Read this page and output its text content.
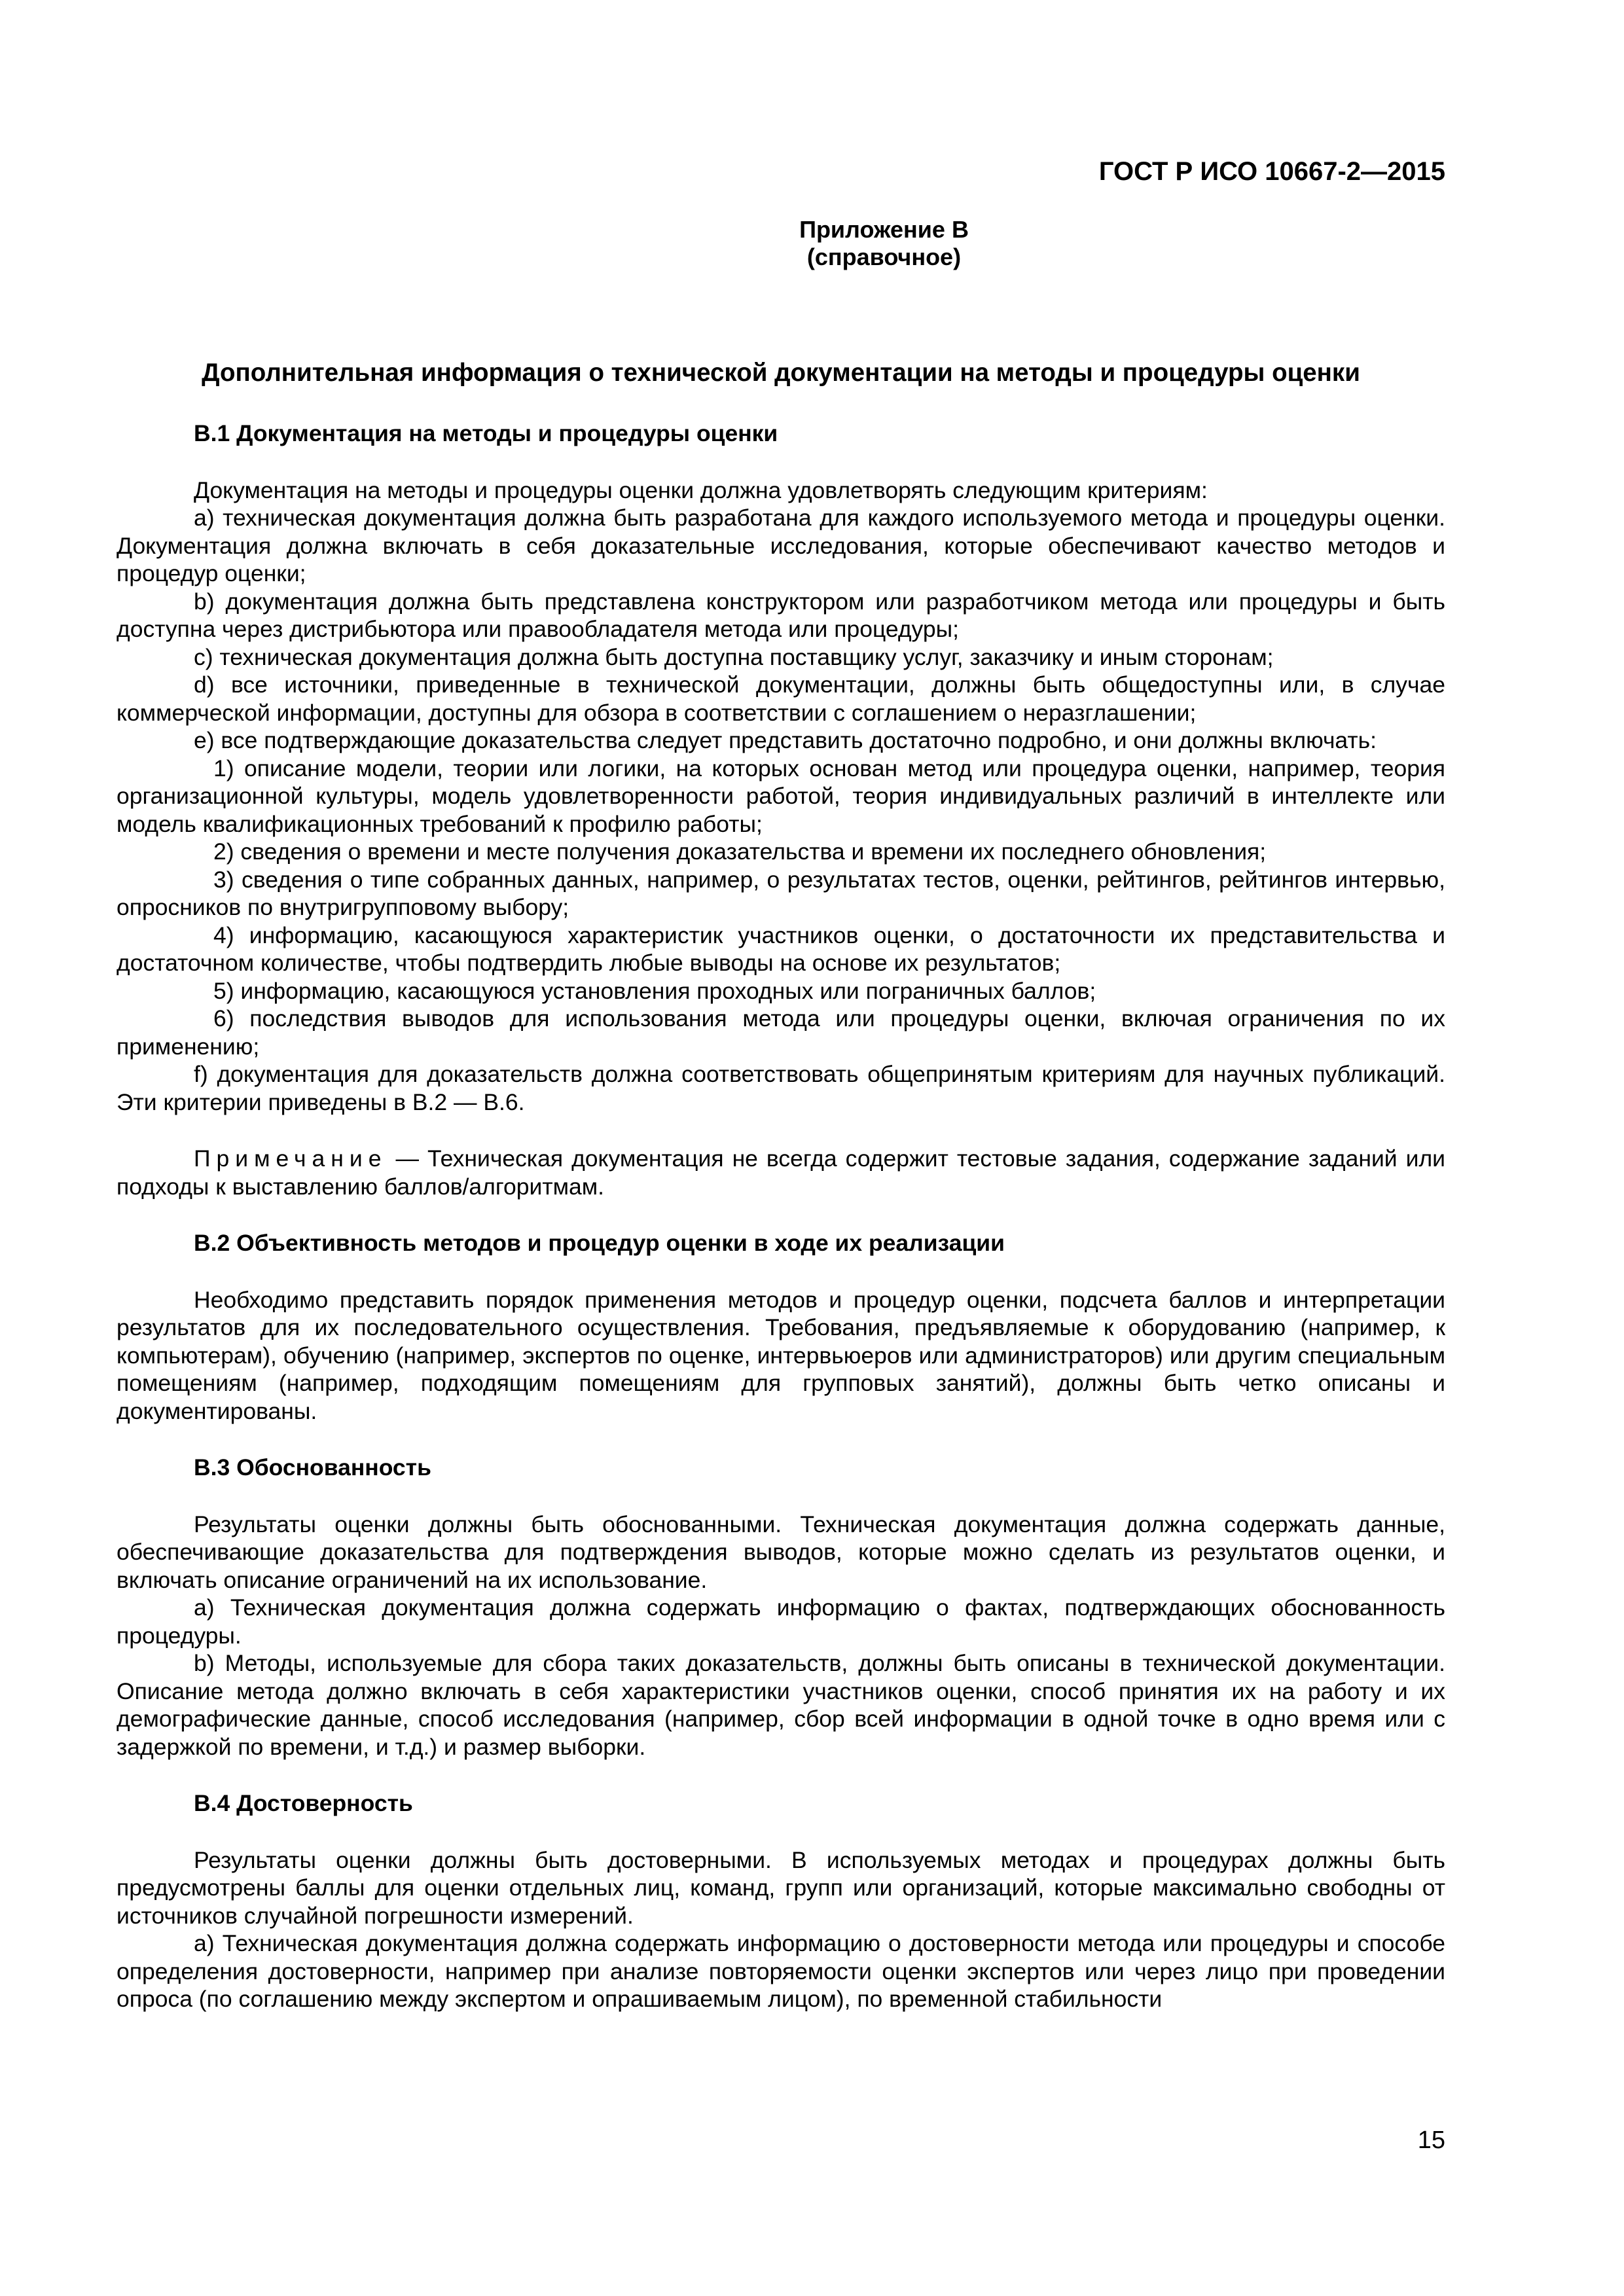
ГОСТ Р ИСО 10667-2—2015
Приложение В
(справочное)
Дополнительная информация о технической документации на методы и процедуры оценки

В.1 Документация на методы и процедуры оценки

Документация на методы и процедуры оценки должна удовлетворять следующим критериям:

a) техническая документация должна быть разработана для каждого используемого метода и процедуры оценки. Документация должна включать в себя доказательные исследования, которые обеспечивают качество методов и процедур оценки;

b) документация должна быть представлена конструктором или разработчиком метода или процедуры и быть доступна через дистрибьютора или правообладателя метода или процедуры;

c) техническая документация должна быть доступна поставщику услуг, заказчику и иным сторонам;

d) все источники, приведенные в технической документации, должны быть общедоступны или, в случае коммерческой информации, доступны для обзора в соответствии с соглашением о неразглашении;

e) все подтверждающие доказательства следует представить достаточно подробно, и они должны включать:

1) описание модели, теории или логики, на которых основан метод или процедура оценки, например, теория организационной культуры, модель удовлетворенности работой, теория индивидуальных различий в интеллекте или модель квалификационных требований к профилю работы;

2) сведения о времени и месте получения доказательства и времени их последнего обновления;

3) сведения о типе собранных данных, например, о результатах тестов, оценки, рейтингов, рейтингов интервью, опросников по внутригрупповому выбору;

4) информацию, касающуюся характеристик участников оценки, о достаточности их представительства и достаточном количестве, чтобы подтвердить любые выводы на основе их результатов;

5) информацию, касающуюся установления проходных или пограничных баллов;

6) последствия выводов для использования метода или процедуры оценки, включая ограничения по их применению;

f) документация для доказательств должна соответствовать общепринятым критериям для научных публикаций. Эти критерии приведены в В.2 — В.6.

Примечание — Техническая документация не всегда содержит тестовые задания, содержание заданий или подходы к выставлению баллов/алгоритмам.

В.2 Объективность методов и процедур оценки в ходе их реализации

Необходимо представить порядок применения методов и процедур оценки, подсчета баллов и интерпретации результатов для их последовательного осуществления. Требования, предъявляемые к оборудованию (например, к компьютерам), обучению (например, экспертов по оценке, интервьюеров или администраторов) или другим специальным помещениям (например, подходящим помещениям для групповых занятий), должны быть четко описаны и документированы.

В.3 Обоснованность

Результаты оценки должны быть обоснованными. Техническая документация должна содержать данные, обеспечивающие доказательства для подтверждения выводов, которые можно сделать из результатов оценки, и включать описание ограничений на их использование.

a) Техническая документация должна содержать информацию о фактах, подтверждающих обоснованность процедуры.

b) Методы, используемые для сбора таких доказательств, должны быть описаны в технической документации. Описание метода должно включать в себя характеристики участников оценки, способ принятия их на работу и их демографические данные, способ исследования (например, сбор всей информации в одной точке в одно время или с задержкой по времени, и т.д.) и размер выборки.

В.4 Достоверность

Результаты оценки должны быть достоверными. В используемых методах и процедурах должны быть предусмотрены баллы для оценки отдельных лиц, команд, групп или организаций, которые максимально свободны от источников случайной погрешности измерений.

a) Техническая документация должна содержать информацию о достоверности метода или процедуры и способе определения достоверности, например при анализе повторяемости оценки экспертов или через лицо при проведении опроса (по соглашению между экспертом и опрашиваемым лицом), по временной стабильности

15
